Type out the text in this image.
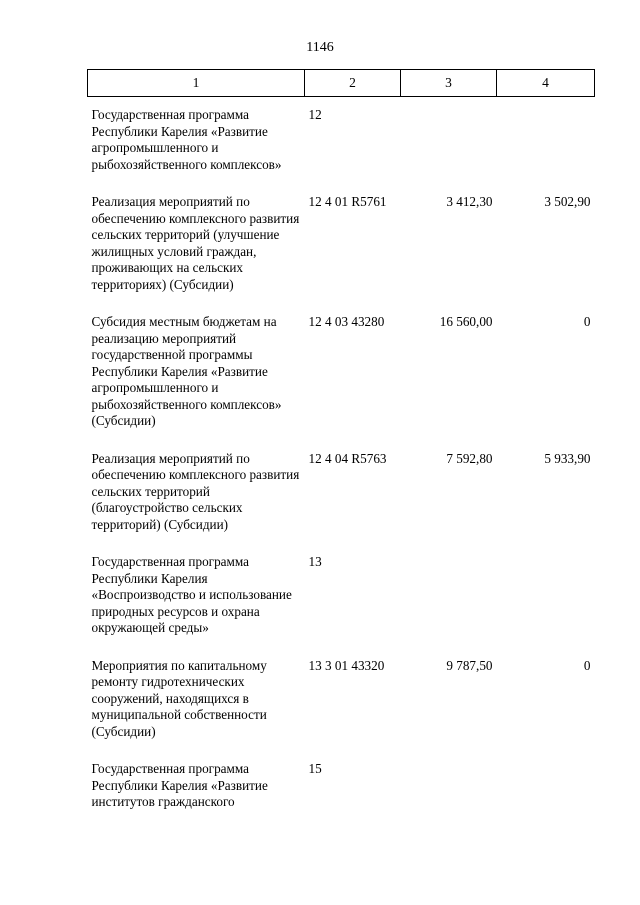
1146
1	2	3	4
Государственная программа Республики Карелия «Развитие агропромышленного и рыбохозяйственного комплексов»	12		
Реализация мероприятий по обеспечению комплексного развития сельских территорий (улучшение жилищных условий граждан, проживающих на сельских территориях) (Субсидии)	12 4 01 R5761	3 412,30	3 502,90
Субсидия местным бюджетам на реализацию мероприятий государственной программы Республики Карелия «Развитие агропромышленного и рыбохозяйственного комплексов» (Субсидии)	12 4 03 43280	16 560,00	0
Реализация мероприятий по обеспечению комплексного развития сельских территорий (благоустройство сельских территорий) (Субсидии)	12 4 04 R5763	7 592,80	5 933,90
Государственная программа Республики Карелия «Воспроизводство и использование природных ресурсов и охрана окружающей среды»	13		
Мероприятия по капитальному ремонту гидротехнических сооружений, находящихся в муниципальной собственности (Субсидии)	13 3 01 43320	9 787,50	0
Государственная программа Республики Карелия «Развитие институтов гражданского	15		
